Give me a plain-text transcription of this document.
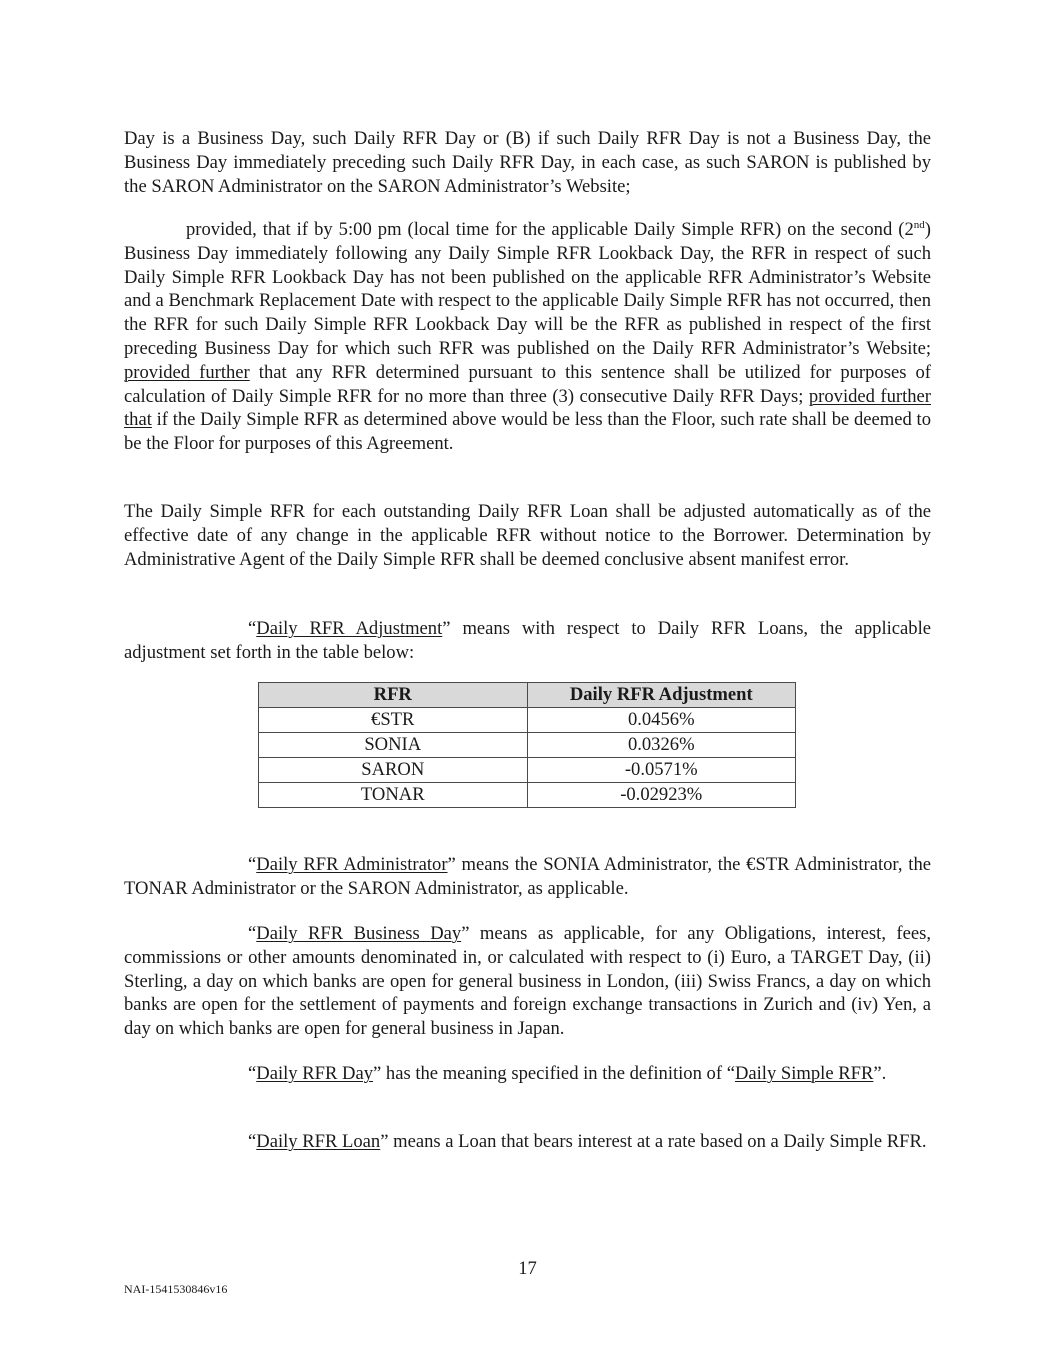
Day is a Business Day, such Daily RFR Day or (B) if such Daily RFR Day is not a Business Day, the Business Day immediately preceding such Daily RFR Day, in each case, as such SARON is published by the SARON Administrator on the SARON Administrator’s Website;

provided, that if by 5:00 pm (local time for the applicable Daily Simple RFR) on the second (2nd) Business Day immediately following any Daily Simple RFR Lookback Day, the RFR in respect of such Daily Simple RFR Lookback Day has not been published on the applicable RFR Administrator’s Website and a Benchmark Replacement Date with respect to the applicable Daily Simple RFR has not occurred, then the RFR for such Daily Simple RFR Lookback Day will be the RFR as published in respect of the first preceding Business Day for which such RFR was published on the Daily RFR Administrator’s Website; provided further that any RFR determined pursuant to this sentence shall be utilized for purposes of calculation of Daily Simple RFR for no more than three (3) consecutive Daily RFR Days; provided further that if the Daily Simple RFR as determined above would be less than the Floor, such rate shall be deemed to be the Floor for purposes of this Agreement.

The Daily Simple RFR for each outstanding Daily RFR Loan shall be adjusted automatically as of the effective date of any change in the applicable RFR without notice to the Borrower. Determination by Administrative Agent of the Daily Simple RFR shall be deemed conclusive absent manifest error.

“Daily RFR Adjustment” means with respect to Daily RFR Loans, the applicable adjustment set forth in the table below:

RFR	Daily RFR Adjustment
€STR	0.0456%
SONIA	0.0326%
SARON	-0.0571%
TONAR	-0.02923%

“Daily RFR Administrator” means the SONIA Administrator, the €STR Administrator, the TONAR Administrator or the SARON Administrator, as applicable.

“Daily RFR Business Day” means as applicable, for any Obligations, interest, fees, commissions or other amounts denominated in, or calculated with respect to (i) Euro, a TARGET Day, (ii) Sterling, a day on which banks are open for general business in London, (iii) Swiss Francs, a day on which banks are open for the settlement of payments and foreign exchange transactions in Zurich and (iv) Yen, a day on which banks are open for general business in Japan.

“Daily RFR Day” has the meaning specified in the definition of “Daily Simple RFR”.

“Daily RFR Loan” means a Loan that bears interest at a rate based on a Daily Simple RFR.

17
NAI-1541530846v16
